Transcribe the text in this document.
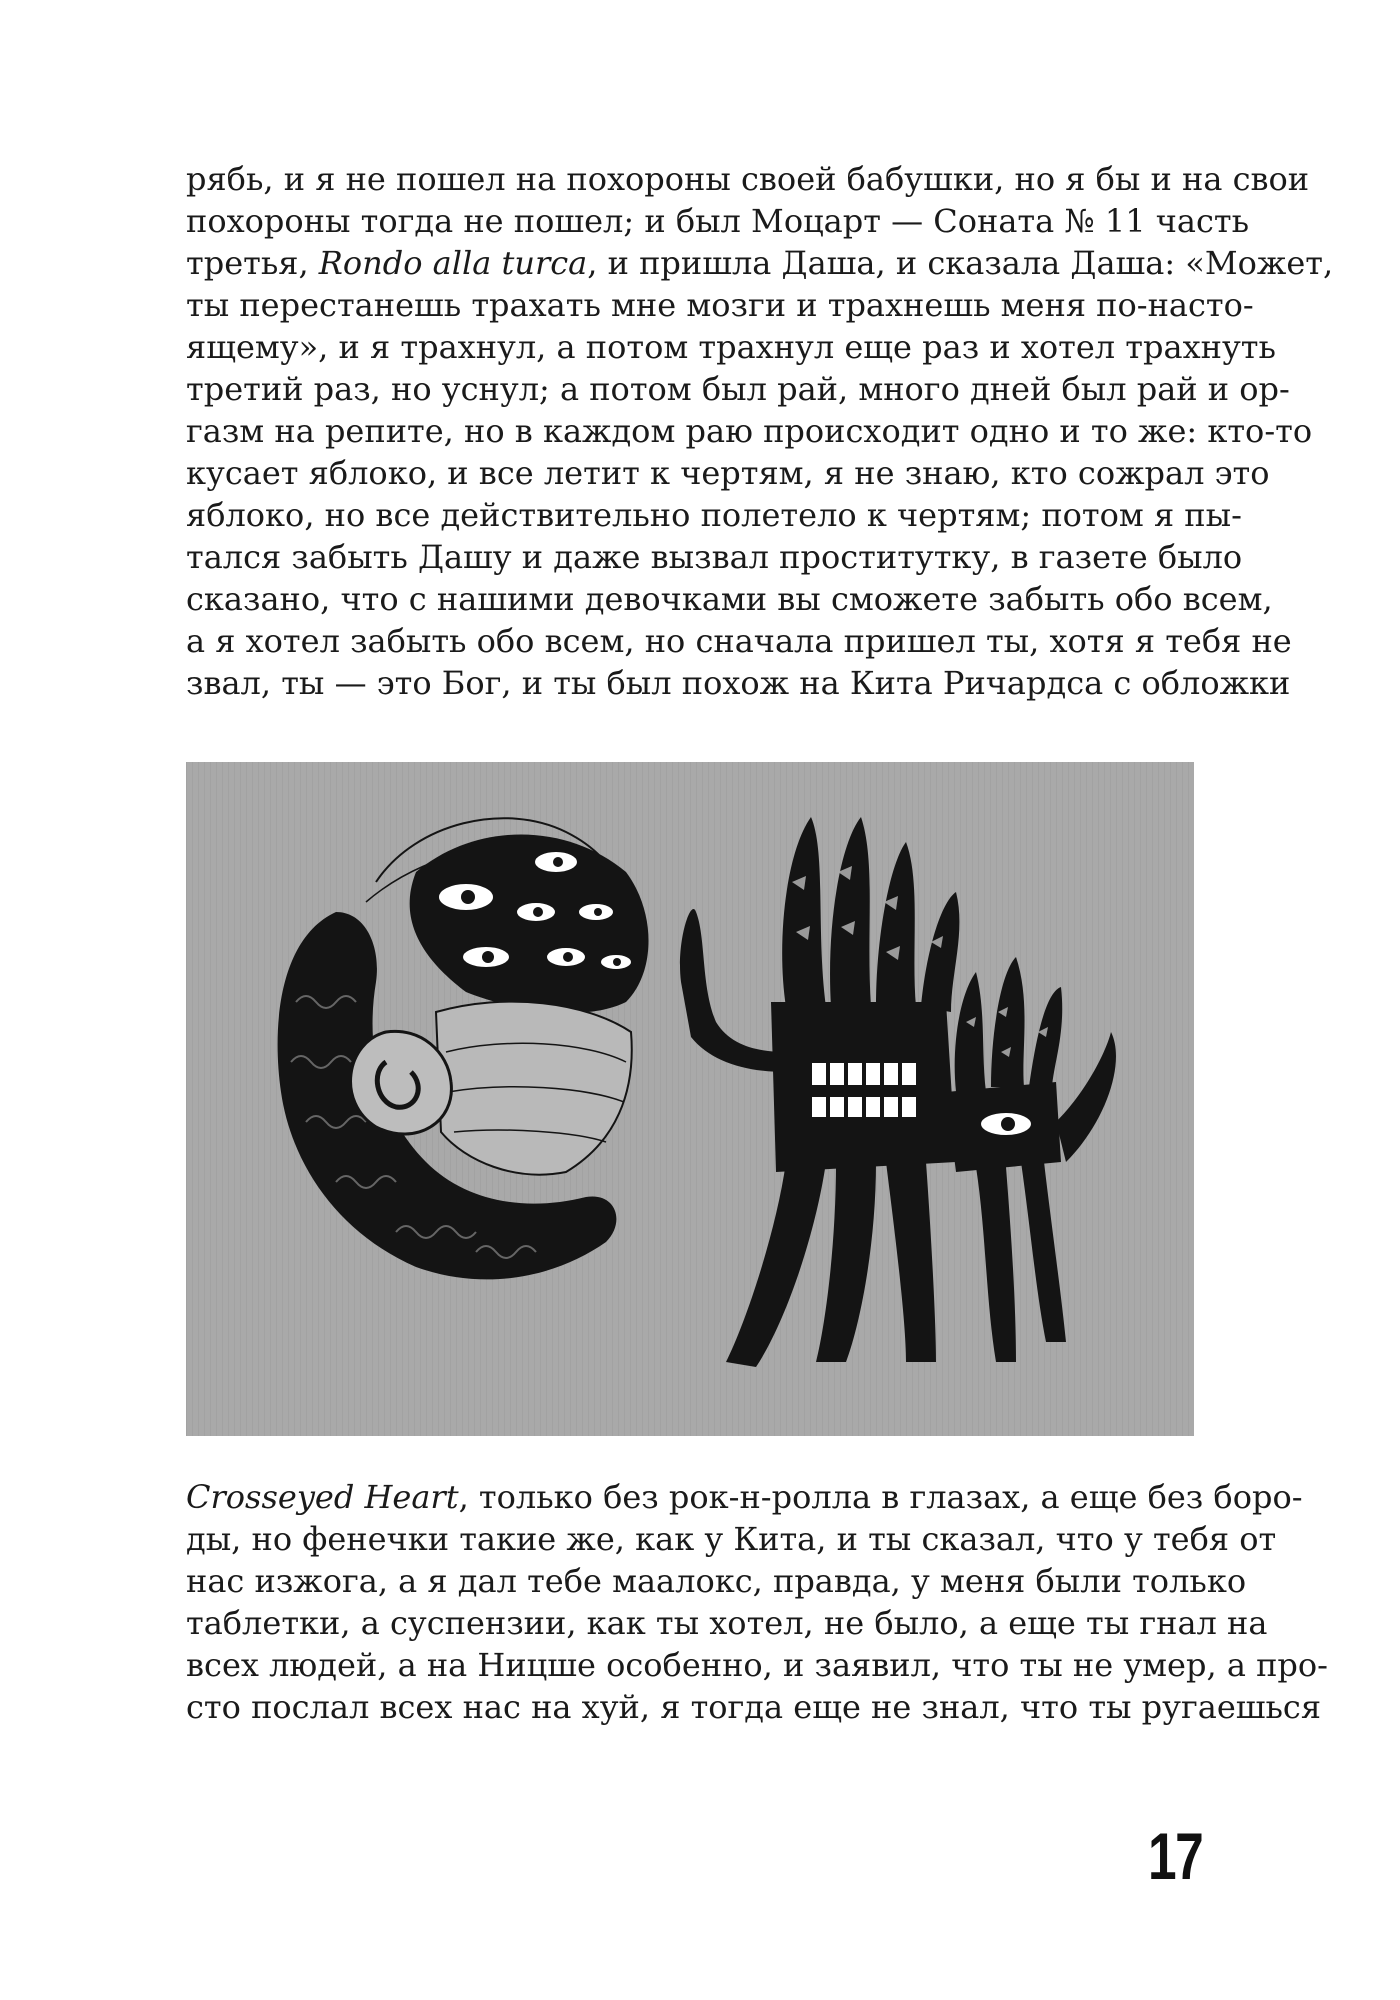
рябь, и я не пошел на похороны своей бабушки, но я бы и на свои
похороны тогда не пошел; и был Моцарт — Соната № 11 часть
третья, Rondo alla turca, и пришла Даша, и сказала Даша: «Может,
ты перестанешь трахать мне мозги и трахнешь меня по-насто-
ящему», и я трахнул, а потом трахнул еще раз и хотел трахнуть
третий раз, но уснул; а потом был рай, много дней был рай и ор-
газм на репите, но в каждом раю происходит одно и то же: кто-то
кусает яблоко, и все летит к чертям, я не знаю, кто сожрал это
яблоко, но все действительно полетело к чертям; потом я пы-
тался забыть Дашу и даже вызвал проститутку, в газете было
сказано, что с нашими девочками вы сможете забыть обо всем,
а я хотел забыть обо всем, но сначала пришел ты, хотя я тебя не
звал, ты — это Бог, и ты был похож на Кита Ричардса с обложки
Crosseyed Heart, только без рок-н-ролла в глазах, а еще без боро-
ды, но фенечки такие же, как у Кита, и ты сказал, что у тебя от
нас изжога, а я дал тебе маалокс, правда, у меня были только
таблетки, а суспензии, как ты хотел, не было, а еще ты гнал на
всех людей, а на Ницше особенно, и заявил, что ты не умер, а про-
сто послал всех нас на хуй, я тогда еще не знал, что ты ругаешься
17
